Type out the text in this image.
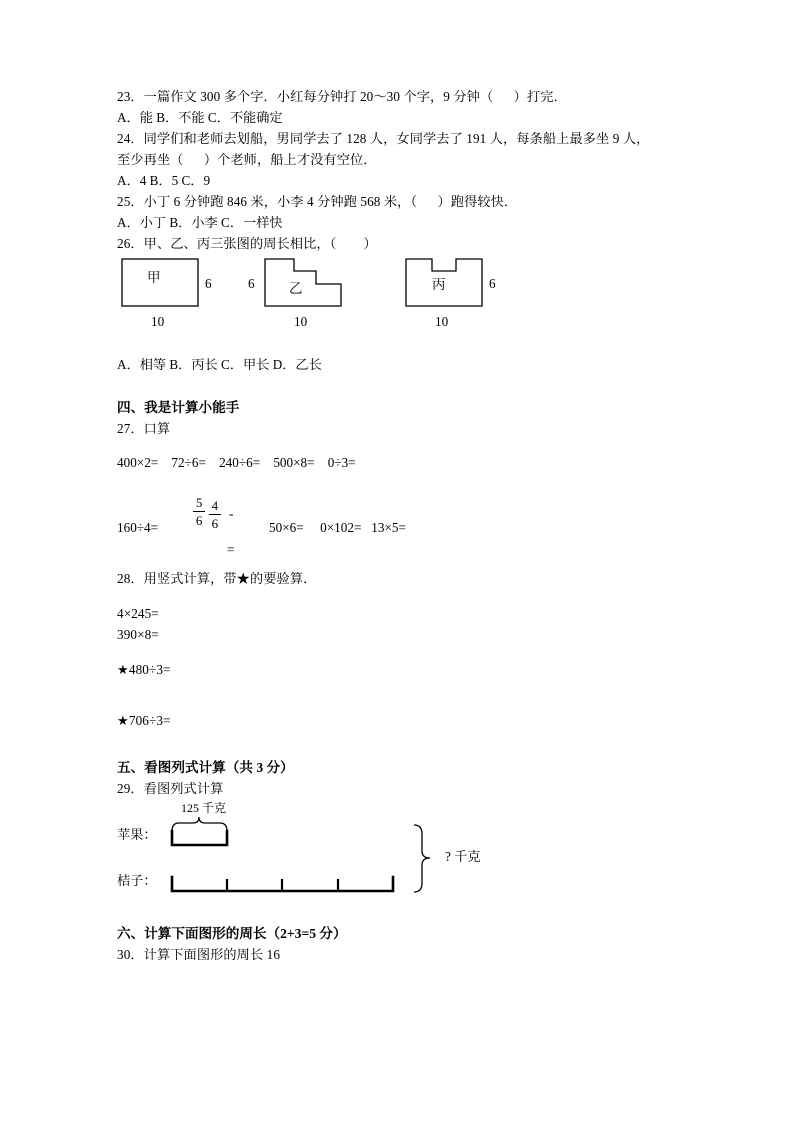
23．一篇作文 300 多个字．小红每分钟打 20～30 个字，9 分钟（      ）打完．

A．能 B．不能 C．不能确定

24．同学们和老师去划船，男同学去了 128 人，女同学去了 191 人，每条船上最多坐 9 人，

至少再坐（      ）个老师，船上才没有空位．

A．4 B．5 C．9

25．小丁 6 分钟跑 846 米，小李 4 分钟跑 568 米，（      ）跑得较快．

A．小丁 B．小李 C．一样快

26．甲、乙、丙三张图的周长相比，（        ）

甲	6
10
6	乙
10
丙	6
10

A．相等 B．丙长 C．甲长 D．乙长

四、我是计算小能手

27．口算

400×2=    72÷6=    240÷6=    500×8=    0÷3=

160÷4=	$\frac{5}{6}$
$\frac{4}{6}$ -
=
50×6=     0×102=   13×5=

28．用竖式计算，带★的要验算．

4×245=

390×8=

★480÷3=

★706÷3=

五、看图列式计算（共 3 分）

29．看图列式计算

125 千克
苹果：
桔子：
? 千克

六、计算下面图形的周长（2+3=5 分）

30．计算下面图形的周长 16
